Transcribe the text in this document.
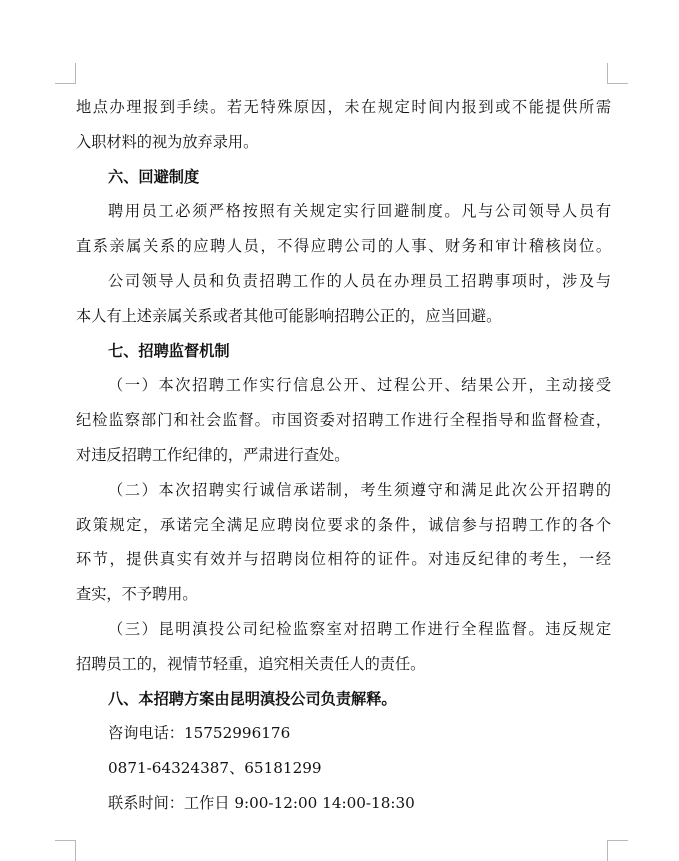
地点办理报到手续。若无特殊原因，未在规定时间内报到或不能提供所需
入职材料的视为放弃录用。
六、回避制度
聘用员工必须严格按照有关规定实行回避制度。凡与公司领导人员有
直系亲属关系的应聘人员，不得应聘公司的人事、财务和审计稽核岗位。
公司领导人员和负责招聘工作的人员在办理员工招聘事项时，涉及与
本人有上述亲属关系或者其他可能影响招聘公正的，应当回避。
七、招聘监督机制
（一）本次招聘工作实行信息公开、过程公开、结果公开，主动接受
纪检监察部门和社会监督。市国资委对招聘工作进行全程指导和监督检查，
对违反招聘工作纪律的，严肃进行查处。
（二）本次招聘实行诚信承诺制，考生须遵守和满足此次公开招聘的
政策规定，承诺完全满足应聘岗位要求的条件，诚信参与招聘工作的各个
环节，提供真实有效并与招聘岗位相符的证件。对违反纪律的考生，一经
查实，不予聘用。
（三）昆明滇投公司纪检监察室对招聘工作进行全程监督。违反规定
招聘员工的，视情节轻重，追究相关责任人的责任。
八、本招聘方案由昆明滇投公司负责解释。
咨询电话：15752996176
0871-64324387、65181299
联系时间：工作日 9:00-12:00 14:00-18:30
